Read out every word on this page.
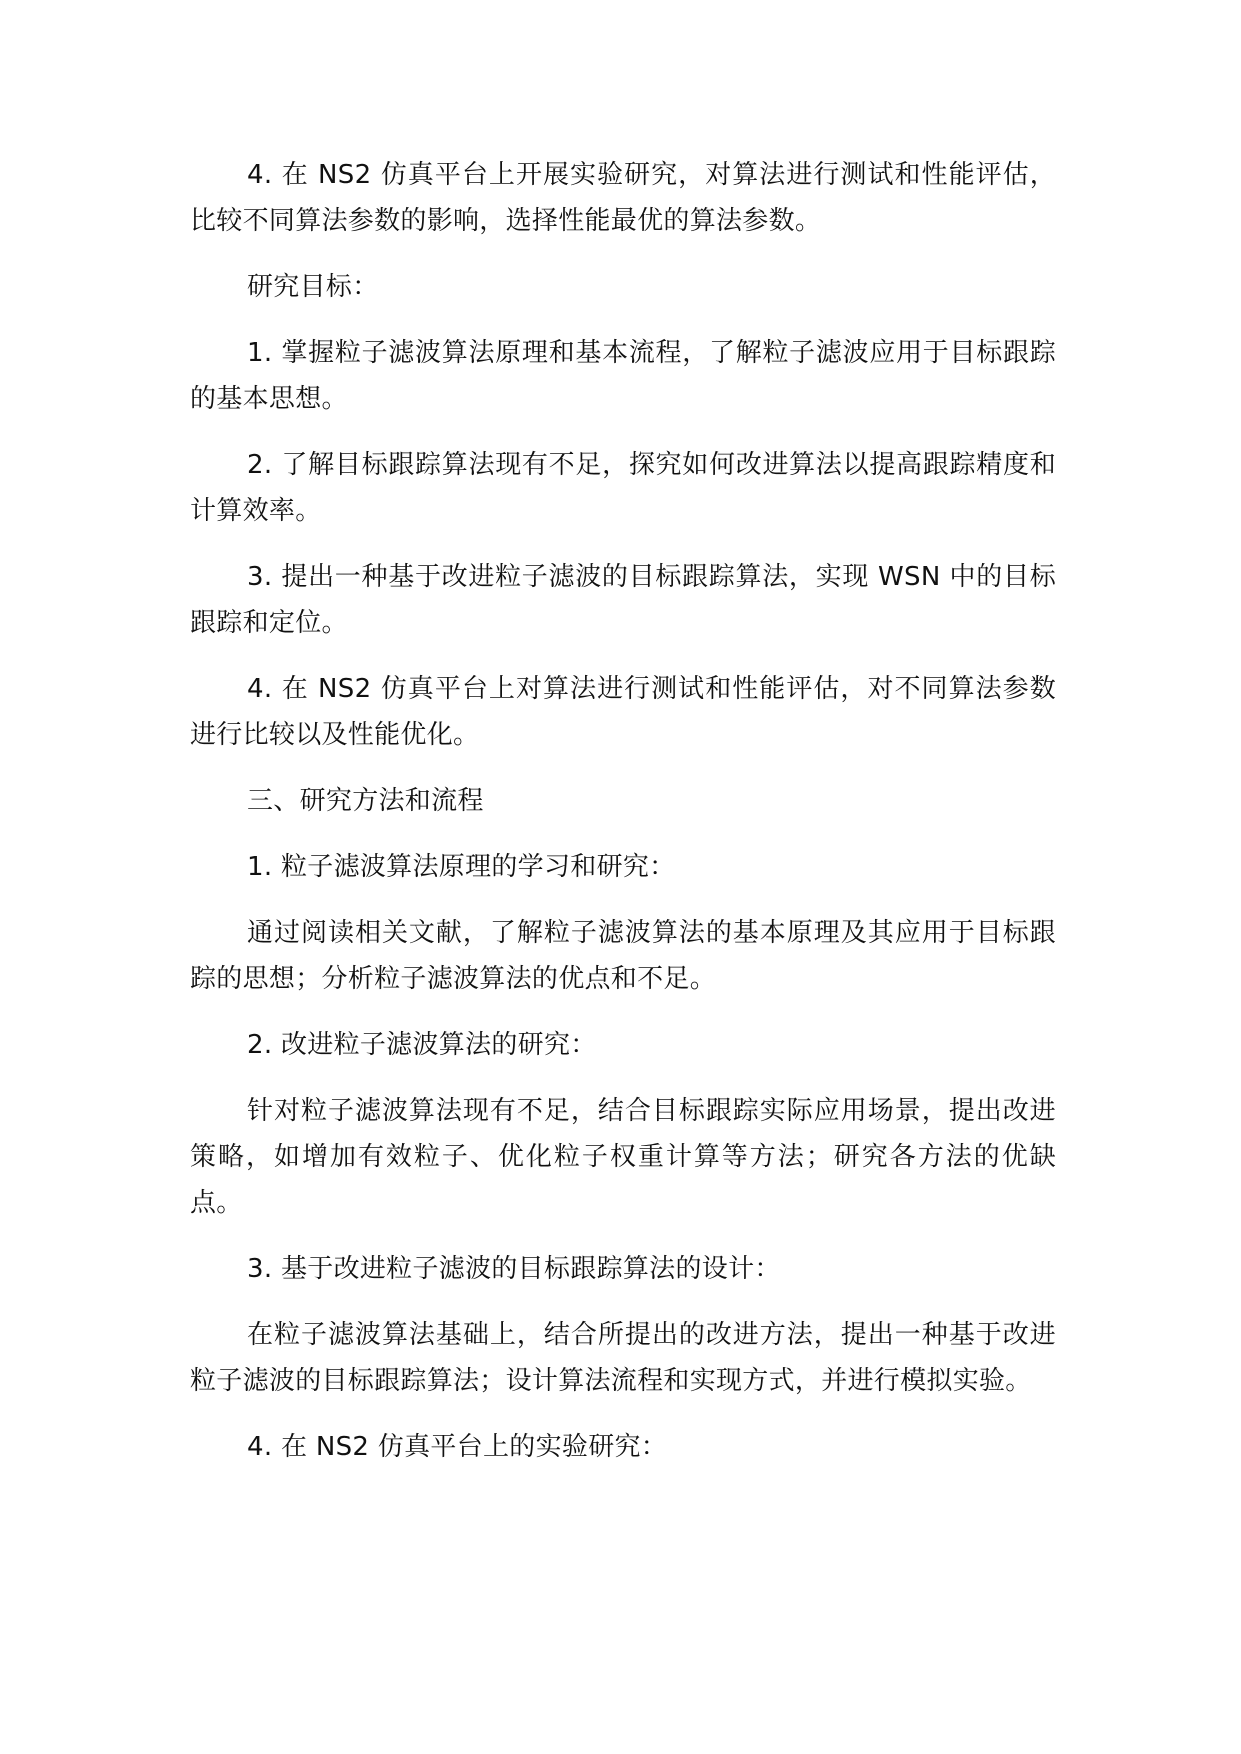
4. 在 NS2 仿真平台上开展实验研究，对算法进行测试和性能评估，比较不同算法参数的影响，选择性能最优的算法参数。

研究目标：

1. 掌握粒子滤波算法原理和基本流程，了解粒子滤波应用于目标跟踪的基本思想。

2. 了解目标跟踪算法现有不足，探究如何改进算法以提高跟踪精度和计算效率。

3. 提出一种基于改进粒子滤波的目标跟踪算法，实现 WSN 中的目标跟踪和定位。

4. 在 NS2 仿真平台上对算法进行测试和性能评估，对不同算法参数进行比较以及性能优化。

三、研究方法和流程

1. 粒子滤波算法原理的学习和研究：

通过阅读相关文献，了解粒子滤波算法的基本原理及其应用于目标跟踪的思想；分析粒子滤波算法的优点和不足。

2. 改进粒子滤波算法的研究：

针对粒子滤波算法现有不足，结合目标跟踪实际应用场景，提出改进策略，如增加有效粒子、优化粒子权重计算等方法；研究各方法的优缺点。

3. 基于改进粒子滤波的目标跟踪算法的设计：

在粒子滤波算法基础上，结合所提出的改进方法，提出一种基于改进粒子滤波的目标跟踪算法；设计算法流程和实现方式，并进行模拟实验。

4. 在 NS2 仿真平台上的实验研究：
